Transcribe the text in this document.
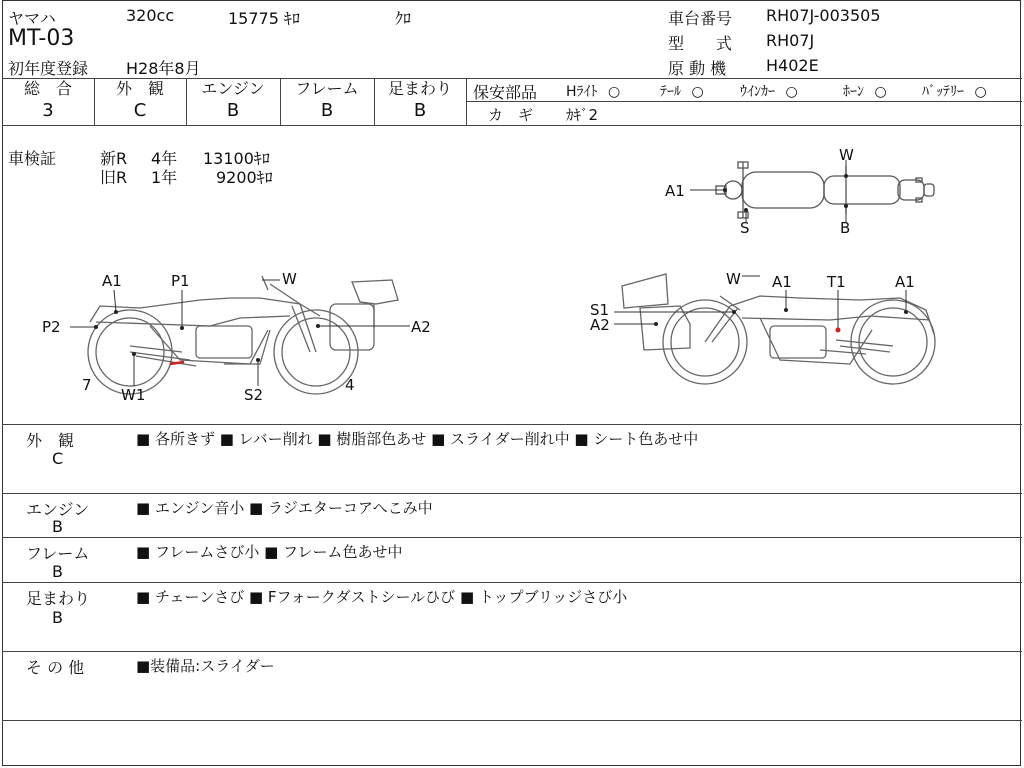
ヤマハ	320cc	15775 ｷﾛ	ｸﾛ
MT-03
初年度登録 H28年8月
車台番号 RH07J-003505
型　　式 RH07J
原 動 機 H402E
総　合
3
外　観
C
エンジン
B
フレーム
B
足まわり
B
保安部品 Hﾗｲﾄ ○	ﾃｰﾙ ○	ｳｲﾝｶｰ ○	ﾎｰﾝ ○	ﾊﾞｯﾃﾘｰ ○
カ　ギ ｶｷﾞ2
車検証	新R 4年 13100ｷﾛ
旧R 1年 9200ｷﾛ
W
A1
S	B
A1	P1	W
P2	A2
7
W1	S2
4
W A1 T1	A1
S1
A2
外　観
C
■ 各所きず ■ レバー削れ ■ 樹脂部色あせ ■ スライダー削れ中 ■ シート色あせ中
エンジン
B
■ エンジン音小 ■ ラジエターコアへこみ中
フレーム
B
■ フレームさび小 ■ フレーム色あせ中
足まわり
B
■ チェーンさび ■ Fフォークダストシールひび ■ トップブリッジさび小
そ の 他	■装備品:スライダー
